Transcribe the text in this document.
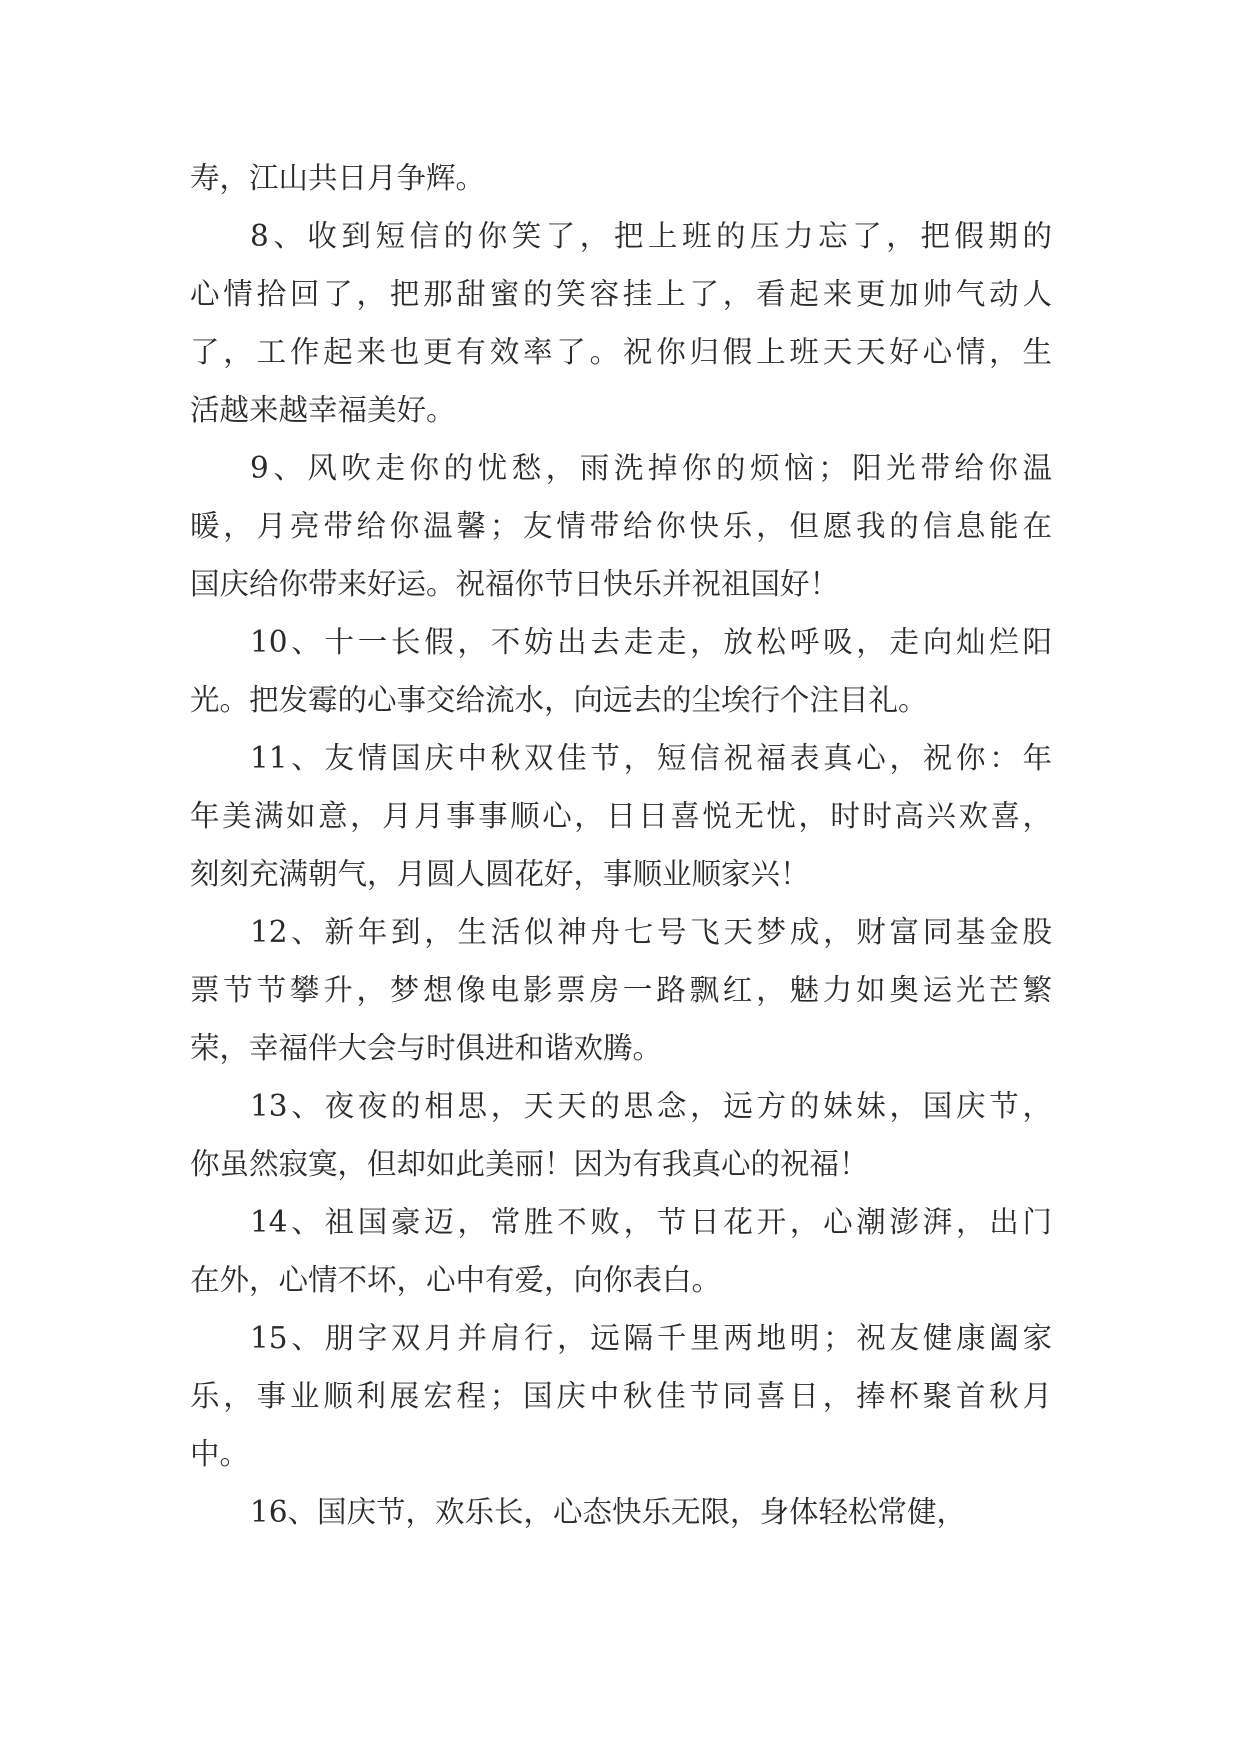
寿，江山共日月争辉。
8、收到短信的你笑了，把上班的压力忘了，把假期的
心情拾回了，把那甜蜜的笑容挂上了，看起来更加帅气动人
了，工作起来也更有效率了。祝你归假上班天天好心情，生
活越来越幸福美好。
9、风吹走你的忧愁，雨洗掉你的烦恼；阳光带给你温
暖，月亮带给你温馨；友情带给你快乐，但愿我的信息能在
国庆给你带来好运。祝福你节日快乐并祝祖国好！
10、十一长假，不妨出去走走，放松呼吸，走向灿烂阳
光。把发霉的心事交给流水，向远去的尘埃行个注目礼。
11、友情国庆中秋双佳节，短信祝福表真心，祝你：年
年美满如意，月月事事顺心，日日喜悦无忧，时时高兴欢喜，
刻刻充满朝气，月圆人圆花好，事顺业顺家兴！
12、新年到，生活似神舟七号飞天梦成，财富同基金股
票节节攀升，梦想像电影票房一路飘红，魅力如奥运光芒繁
荣，幸福伴大会与时俱进和谐欢腾。
13、夜夜的相思，天天的思念，远方的妹妹，国庆节，
你虽然寂寞，但却如此美丽！因为有我真心的祝福！
14、祖国豪迈，常胜不败，节日花开，心潮澎湃，出门
在外，心情不坏，心中有爱，向你表白。
15、朋字双月并肩行，远隔千里两地明；祝友健康阖家
乐，事业顺利展宏程；国庆中秋佳节同喜日，捧杯聚首秋月
中。
16、国庆节，欢乐长，心态快乐无限，身体轻松常健，
